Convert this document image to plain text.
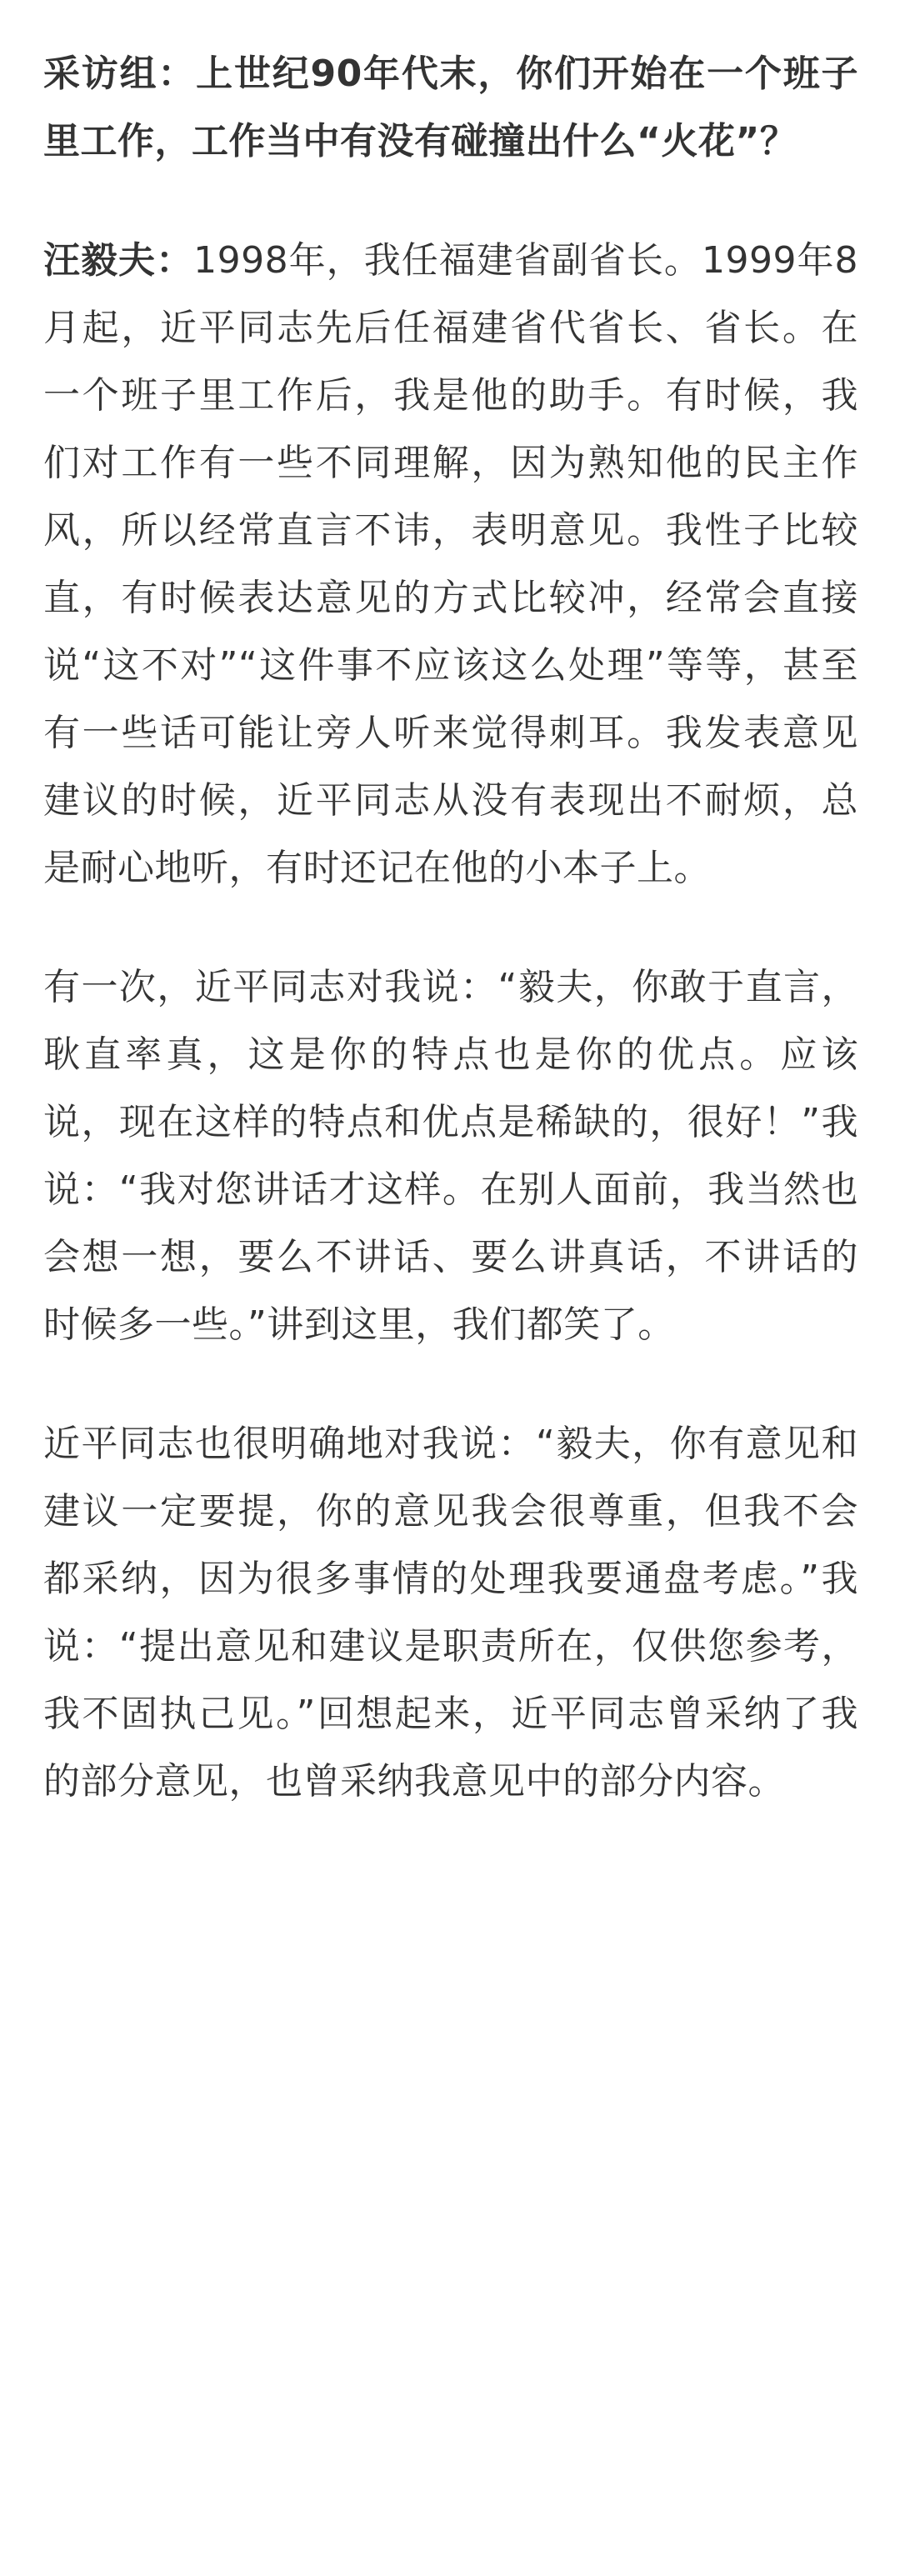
采访组：上世纪90年代末，你们开始在一个班子里工作，工作当中有没有碰撞出什么“火花”？

汪毅夫：1998年，我任福建省副省长。1999年8月起，近平同志先后任福建省代省长、省长。在一个班子里工作后，我是他的助手。有时候，我们对工作有一些不同理解，因为熟知他的民主作风，所以经常直言不讳，表明意见。我性子比较直，有时候表达意见的方式比较冲，经常会直接说“这不对”“这件事不应该这么处理”等等，甚至有一些话可能让旁人听来觉得刺耳。我发表意见建议的时候，近平同志从没有表现出不耐烦，总是耐心地听，有时还记在他的小本子上。

有一次，近平同志对我说：“毅夫，你敢于直言，耿直率真，这是你的特点也是你的优点。应该说，现在这样的特点和优点是稀缺的，很好！”我说：“我对您讲话才这样。在别人面前，我当然也会想一想，要么不讲话、要么讲真话，不讲话的时候多一些。”讲到这里，我们都笑了。

近平同志也很明确地对我说：“毅夫，你有意见和建议一定要提，你的意见我会很尊重，但我不会都采纳，因为很多事情的处理我要通盘考虑。”我说：“提出意见和建议是职责所在，仅供您参考，我不固执己见。”回想起来，近平同志曾采纳了我的部分意见，也曾采纳我意见中的部分内容。
